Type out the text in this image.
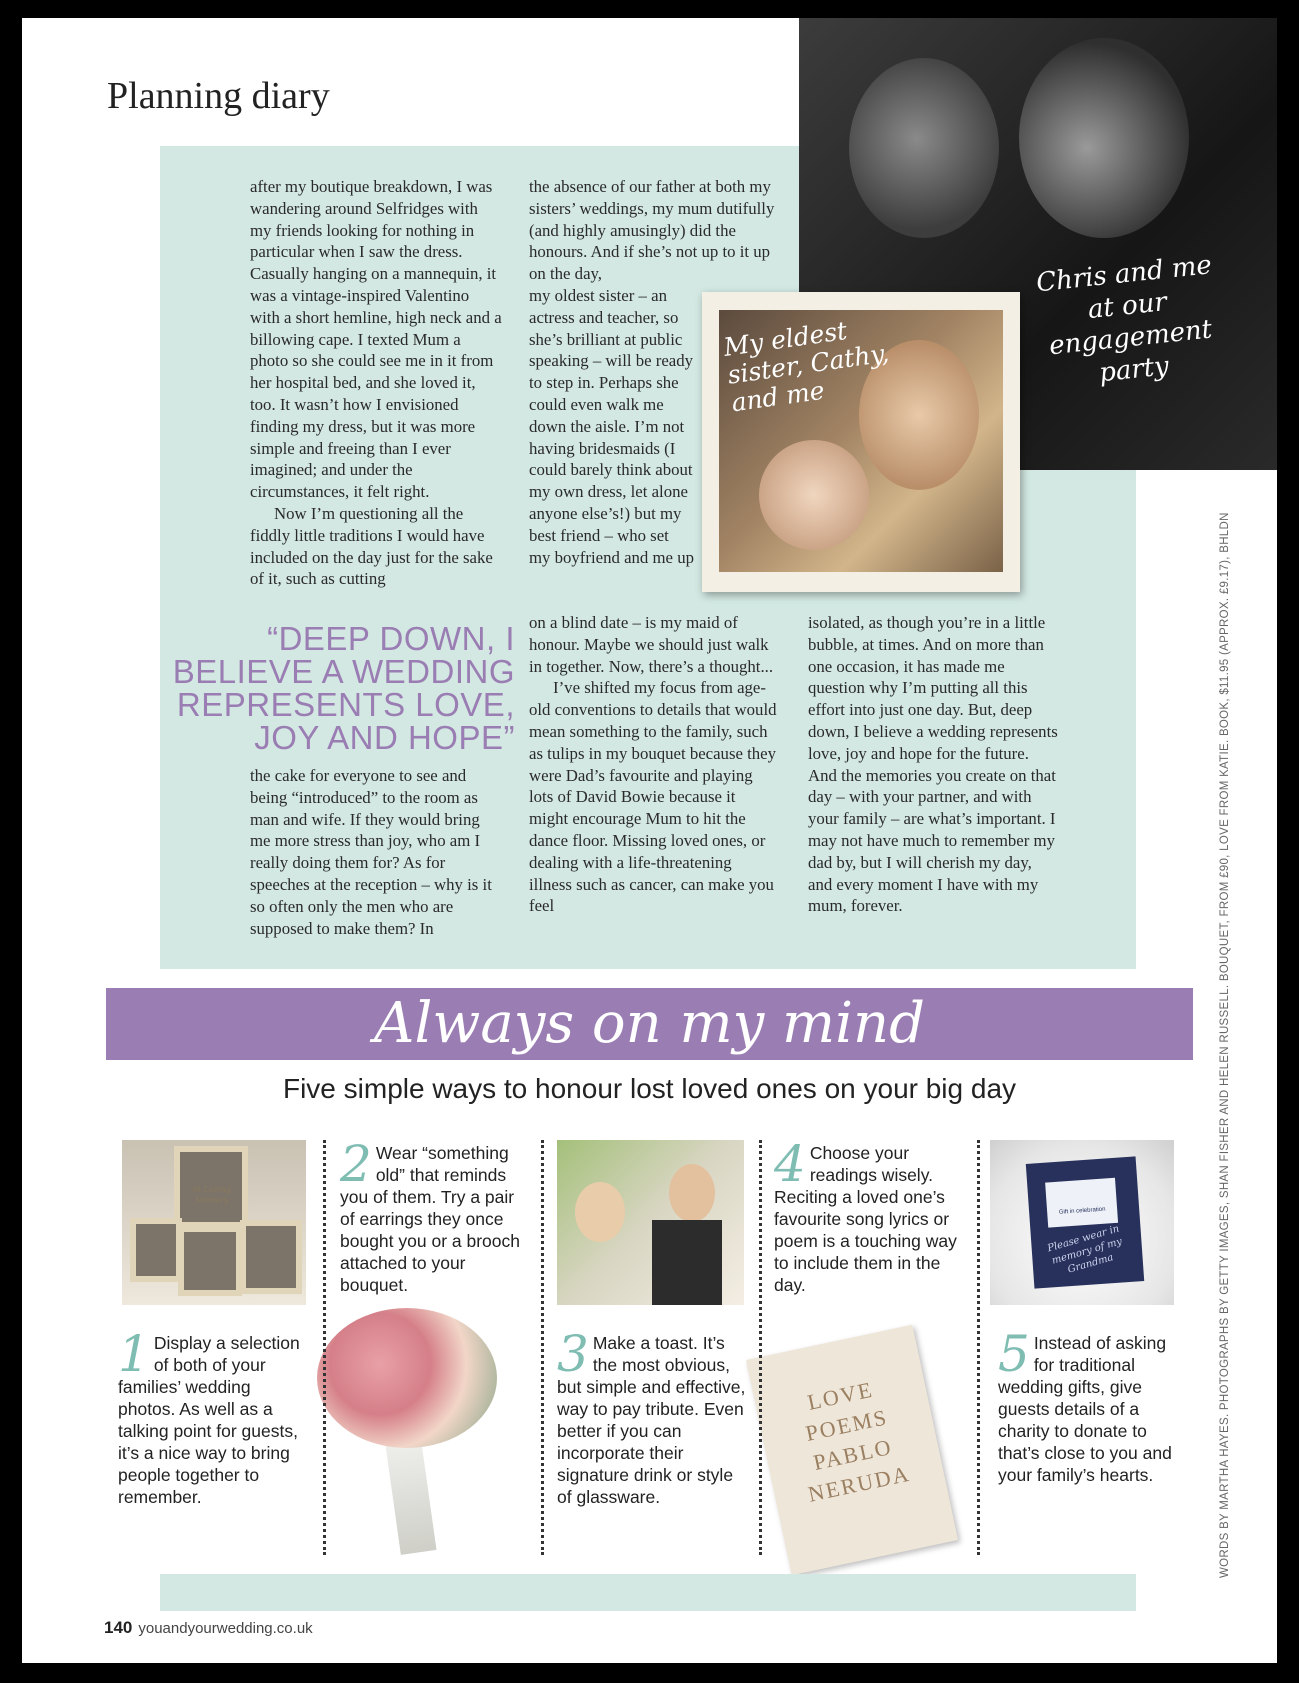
Planning diary

after my boutique breakdown, I was wandering around Selfridges with my friends looking for nothing in particular when I saw the dress. Casually hanging on a mannequin, it was a vintage-inspired Valentino with a short hemline, high neck and a billowing cape. I texted Mum a photo so she could see me in it from her hospital bed, and she loved it, too. It wasn’t how I envisioned finding my dress, but it was more simple and freeing than I ever imagined; and under the circumstances, it felt right.

Now I’m questioning all the fiddly little traditions I would have included on the day just for the sake of it, such as cutting

“DEEP DOWN, I BELIEVE A WEDDING REPRESENTS LOVE, JOY AND HOPE”

the cake for everyone to see and being “introduced” to the room as man and wife. If they would bring me more stress than joy, who am I really doing them for? As for speeches at the reception – why is it so often only the men who are supposed to make them? In

the absence of our father at both my sisters’ weddings, my mum dutifully (and highly amusingly) did the honours. And if she’s not up to it up on the day,

my oldest sister – an actress and teacher, so she’s brilliant at public speaking – will be ready to step in. Perhaps she could even walk me down the aisle. I’m not having bridesmaids (I could barely think about my own dress, let alone anyone else’s!) but my best friend – who set my boyfriend and me up

on a blind date – is my maid of honour. Maybe we should just walk in together. Now, there’s a thought...

I’ve shifted my focus from age-old conventions to details that would mean something to the family, such as tulips in my bouquet because they were Dad’s favourite and playing lots of David Bowie because it might encourage Mum to hit the dance floor. Missing loved ones, or dealing with a life-threatening illness such as cancer, can make you feel

isolated, as though you’re in a little bubble, at times. And on more than one occasion, it has made me question why I’m putting all this effort into just one day. But, deep down, I believe a wedding represents love, joy and hope for the future. And the memories you create on that day – with your partner, and with your family – are what’s important. I may not have much to remember my dad by, but I will cherish my day, and every moment I have with my mum, forever.

Chris and me at our engagement party
My eldest sister, Cathy, and me
Always on my mind
Five simple ways to honour lost loved ones on your big day
In Loving Memory
LOVE POEMS PABLO NERUDA
Gift in celebration
Please wear in memory of my Grandma
1 Display a selection of both of your families’ wedding photos. As well as a talking point for guests, it’s a nice way to bring people together to remember.
2 Wear “something old” that reminds you of them. Try a pair of earrings they once bought you or a brooch attached to your bouquet.
3 Make a toast. It’s the most obvious, but simple and effective, way to pay tribute. Even better if you can incorporate their signature drink or style of glassware.
4 Choose your readings wisely. Reciting a loved one’s favourite song lyrics or poem is a touching way to include them in the day.
5 Instead of asking for traditional wedding gifts, give guests details of a charity to donate to that’s close to you and your family’s hearts.	WORDS BY MARTHA HAYES. PHOTOGRAPHS BY GETTY IMAGES, SHAN FISHER AND HELEN RUSSELL. BOUQUET, FROM £90, LOVE FROM KATIE. BOOK, $11.95 (APPROX. £9.17), BHLDN
140 youandyourwedding.co.uk
